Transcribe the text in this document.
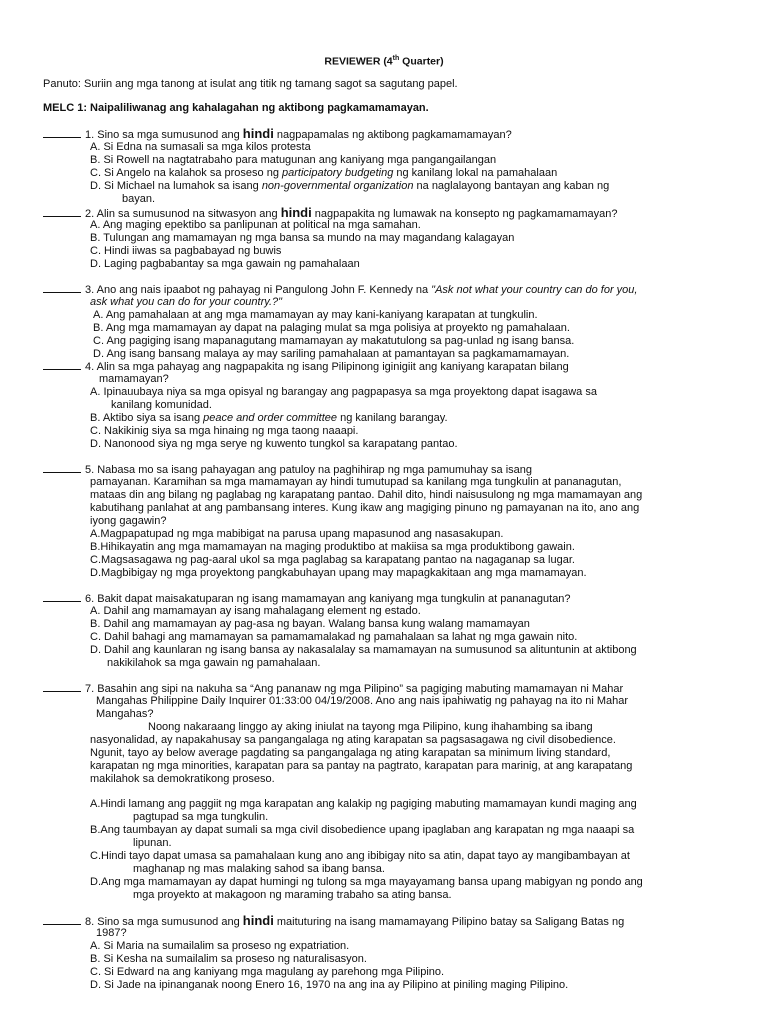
REVIEWER (4th Quarter)
Panuto: Suriin ang mga tanong at isulat ang titik ng tamang sagot sa sagutang papel.
MELC 1: Naipaliliwanag ang kahalagahan ng aktibong pagkamamamayan.
1. Sino sa mga sumusunod ang hindi nagpapamalas ng aktibong pagkamamamayan?
A. Si Edna na sumasali sa mga kilos protesta
B. Si Rowell na nagtatrabaho para matugunan ang kaniyang mga pangangailangan
C. Si Angelo na kalahok sa proseso ng participatory budgeting ng kanilang lokal na pamahalaan
D. Si Michael na lumahok sa isang non-governmental organization na naglalayong bantayan ang kaban ng
bayan.
2. Alin sa sumusunod na sitwasyon ang hindi nagpapakita ng lumawak na konsepto ng pagkamamamayan?
A. Ang maging epektibo sa panlipunan at political na mga samahan.
B. Tulungan ang mamamayan ng mga bansa sa mundo na may magandang kalagayan
C. Hindi iiwas sa pagbabayad ng buwis
D. Laging pagbabantay sa mga gawain ng pamahalaan
3. Ano ang nais ipaabot ng pahayag ni Pangulong John F. Kennedy na "Ask not what your country can do for you,
ask what you can do for your country.?"
A. Ang pamahalaan at ang mga mamamayan ay may kani-kaniyang karapatan at tungkulin.
B. Ang mga mamamayan ay dapat na palaging mulat sa mga polisiya at proyekto ng pamahalaan.
C. Ang pagiging isang mapanagutang mamamayan ay makatutulong sa pag-unlad ng isang bansa.
D. Ang isang bansang malaya ay may sariling pamahalaan at pamantayan sa pagkamamamayan.
4. Alin sa mga pahayag ang nagpapakita ng isang Pilipinong iginigiit ang kaniyang karapatan bilang
mamamayan?
A. Ipinauubaya niya sa mga opisyal ng barangay ang pagpapasya sa mga proyektong dapat isagawa sa
kanilang komunidad.
B. Aktibo siya sa isang peace and order committee ng kanilang barangay.
C. Nakikinig siya sa mga hinaing ng mga taong naaapi.
D. Nanonood siya ng mga serye ng kuwento tungkol sa karapatang pantao.
5. Nabasa mo sa isang pahayagan ang patuloy na paghihirap ng mga pamumuhay sa isang
pamayanan. Karamihan sa mga mamamayan ay hindi tumutupad sa kanilang mga tungkulin at pananagutan,
mataas din ang bilang ng paglabag ng karapatang pantao. Dahil dito, hindi naisusulong ng mga mamamayan ang
kabutihang panlahat at ang pambansang interes. Kung ikaw ang magiging pinuno ng pamayanan na ito, ano ang
iyong gagawin?
A.Magpapatupad ng mga mabibigat na parusa upang mapasunod ang nasasakupan.
B.Hihikayatin ang mga mamamayan na maging produktibo at makiisa sa mga produktibong gawain.
C.Magsasagawa ng pag-aaral ukol sa mga paglabag sa karapatang pantao na nagaganap sa lugar.
D.Magbibigay ng mga proyektong pangkabuhayan upang may mapagkakitaan ang mga mamamayan.
6. Bakit dapat maisakatuparan ng isang mamamayan ang kaniyang mga tungkulin at pananagutan?
A. Dahil ang mamamayan ay isang mahalagang element ng estado.
B. Dahil ang mamamayan ay pag-asa ng bayan. Walang bansa kung walang mamamayan
C. Dahil bahagi ang mamamayan sa pamamamalakad ng pamahalaan sa lahat ng mga gawain nito.
D. Dahil ang kaunlaran ng isang bansa ay nakasalalay sa mamamayan na sumusunod sa alituntunin at aktibong
nakikilahok sa mga gawain ng pamahalaan.
7. Basahin ang sipi na nakuha sa “Ang pananaw ng mga Pilipino” sa pagiging mabuting mamamayan ni Mahar
Mangahas Philippine Daily Inquirer 01:33:00 04/19/2008. Ano ang nais ipahiwatig ng pahayag na ito ni Mahar
Mangahas?
Noong nakaraang linggo ay aking iniulat na tayong mga Pilipino, kung ihahambing sa ibang
nasyonalidad, ay napakahusay sa pangangalaga ng ating karapatan sa pagsasagawa ng civil disobedience.
Ngunit, tayo ay below average pagdating sa pangangalaga ng ating karapatan sa minimum living standard,
karapatan ng mga minorities, karapatan para sa pantay na pagtrato, karapatan para marinig, at ang karapatang
makilahok sa demokratikong proseso.
A.Hindi lamang ang paggiit ng mga karapatan ang kalakip ng pagiging mabuting mamamayan kundi maging ang
pagtupad sa mga tungkulin.
B.Ang taumbayan ay dapat sumali sa mga civil disobedience upang ipaglaban ang karapatan ng mga naaapi sa
lipunan.
C.Hindi tayo dapat umasa sa pamahalaan kung ano ang ibibigay nito sa atin, dapat tayo ay mangibambayan at
maghanap ng mas malaking sahod sa ibang bansa.
D.Ang mga mamamayan ay dapat humingi ng tulong sa mga mayayamang bansa upang mabigyan ng pondo ang
mga proyekto at makagoon ng maraming trabaho sa ating bansa.
8. Sino sa mga sumusunod ang hindi maituturing na isang mamamayang Pilipino batay sa Saligang Batas ng
1987?
A. Si Maria na sumailalim sa proseso ng expatriation.
B. Si Kesha na sumailalim sa proseso ng naturalisasyon.
C. Si Edward na ang kaniyang mga magulang ay parehong mga Pilipino.
D. Si Jade na ipinanganak noong Enero 16, 1970 na ang ina ay Pilipino at piniling maging Pilipino.
